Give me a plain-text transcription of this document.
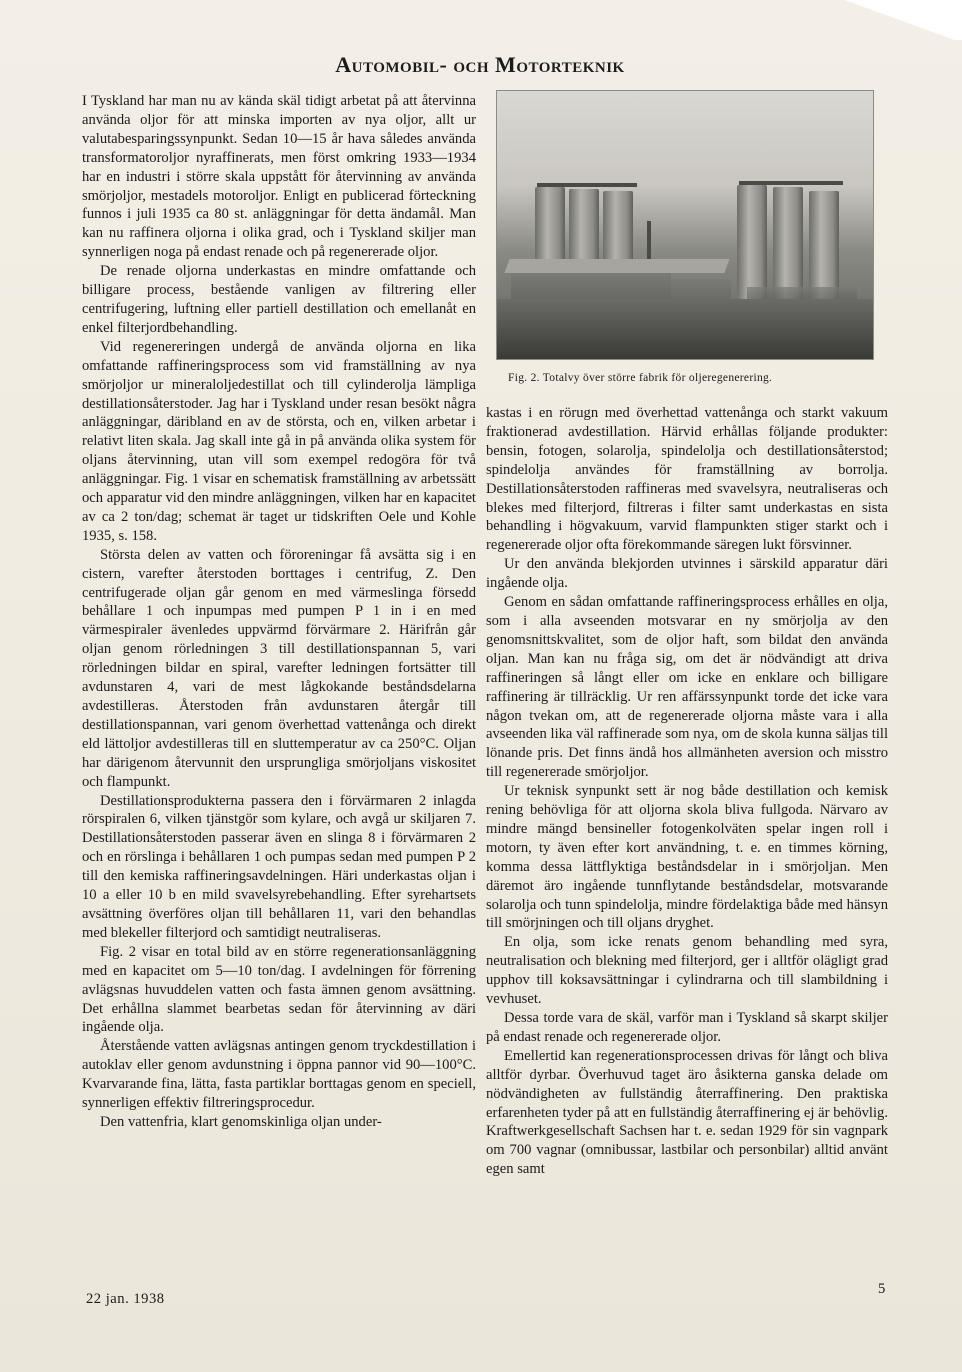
Automobil- och Motorteknik

I Tyskland har man nu av kända skäl tidigt arbetat på att återvinna använda oljor för att minska importen av nya oljor, allt ur valutabesparingssynpunkt. Sedan 10—15 år hava således använda transformatoroljor nyraffinerats, men först omkring 1933—1934 har en industri i större skala uppstått för återvinning av använda smörjoljor, mestadels motoroljor. Enligt en publicerad förteckning funnos i juli 1935 ca 80 st. anläggningar för detta ändamål. Man kan nu raffinera oljorna i olika grad, och i Tyskland skiljer man synnerligen noga på endast renade och på regenererade oljor.

De renade oljorna underkastas en mindre omfattande och billigare process, bestående vanligen av filtrering eller centrifugering, luftning eller partiell destillation och emellanåt en enkel filterjordbehandling.

Vid regenereringen undergå de använda oljorna en lika omfattande raffineringsprocess som vid framställning av nya smörjoljor ur mineraloljedestillat och till cylinderolja lämpliga destillationsåterstoder. Jag har i Tyskland under resan besökt några anläggningar, däribland en av de största, och en, vilken arbetar i relativt liten skala. Jag skall inte gå in på använda olika system för oljans återvinning, utan vill som exempel redogöra för två anläggningar. Fig. 1 visar en schematisk framställning av arbetssätt och apparatur vid den mindre anläggningen, vilken har en kapacitet av ca 2 ton/dag; schemat är taget ur tidskriften Oele und Kohle 1935, s. 158.

Största delen av vatten och föroreningar få avsätta sig i en cistern, varefter återstoden borttages i centrifug, Z. Den centrifugerade oljan går genom en med värmeslinga försedd behållare 1 och inpumpas med pumpen P 1 in i en med värmespiraler ävenledes uppvärmd förvärmare 2. Härifrån går oljan genom rörledningen 3 till destillationspannan 5, vari rörledningen bildar en spiral, varefter ledningen fortsätter till avdunstaren 4, vari de mest lågkokande beståndsdelarna avdestilleras. Återstoden från avdunstaren återgår till destillationspannan, vari genom överhettad vattenånga och direkt eld lättoljor avdestilleras till en sluttemperatur av ca 250°C. Oljan har därigenom återvunnit den ursprungliga smörjoljans viskositet och flampunkt.

Destillationsprodukterna passera den i förvärmaren 2 inlagda rörspiralen 6, vilken tjänstgör som kylare, och avgå ur skiljaren 7. Destillationsåterstoden passerar även en slinga 8 i förvärmaren 2 och en rörslinga i behållaren 1 och pumpas sedan med pumpen P 2 till den kemiska raffineringsavdelningen. Häri underkastas oljan i 10 a eller 10 b en mild svavelsyrebehandling. Efter syrehartsets avsättning överföres oljan till behållaren 11, vari den behandlas med blekeller filterjord och samtidigt neutraliseras.

Fig. 2 visar en total bild av en större regenerationsanläggning med en kapacitet om 5—10 ton/dag. I avdelningen för förrening avlägsnas huvuddelen vatten och fasta ämnen genom avsättning. Det erhållna slammet bearbetas sedan för återvinning av däri ingående olja.

Återstående vatten avlägsnas antingen genom tryckdestillation i autoklav eller genom avdunstning i öppna pannor vid 90—100°C. Kvarvarande fina, lätta, fasta partiklar borttagas genom en speciell, synnerligen effektiv filtreringsprocedur.

Den vattenfria, klart genomskinliga oljan under-

Fig. 2. Totalvy över större fabrik för oljeregenerering.

kastas i en rörugn med överhettad vattenånga och starkt vakuum fraktionerad avdestillation. Härvid erhållas följande produkter: bensin, fotogen, solarolja, spindelolja och destillationsåterstod; spindelolja användes för framställning av borrolja. Destillationsåterstoden raffineras med svavelsyra, neutraliseras och blekes med filterjord, filtreras i filter samt underkastas en sista behandling i högvakuum, varvid flampunkten stiger starkt och i regenererade oljor ofta förekommande säregen lukt försvinner.

Ur den använda blekjorden utvinnes i särskild apparatur däri ingående olja.

Genom en sådan omfattande raffineringsprocess erhålles en olja, som i alla avseenden motsvarar en ny smörjolja av den genomsnittskvalitet, som de oljor haft, som bildat den använda oljan. Man kan nu fråga sig, om det är nödvändigt att driva raffineringen så långt eller om icke en enklare och billigare raffinering är tillräcklig. Ur ren affärssynpunkt torde det icke vara någon tvekan om, att de regenererade oljorna måste vara i alla avseenden lika väl raffinerade som nya, om de skola kunna säljas till lönande pris. Det finns ändå hos allmänheten aversion och misstro till regenererade smörjoljor.

Ur teknisk synpunkt sett är nog både destillation och kemisk rening behövliga för att oljorna skola bliva fullgoda. Närvaro av mindre mängd bensineller fotogenkolväten spelar ingen roll i motorn, ty även efter kort användning, t. e. en timmes körning, komma dessa lättflyktiga beståndsdelar in i smörjoljan. Men däremot äro ingående tunnflytande beståndsdelar, motsvarande solarolja och tunn spindelolja, mindre fördelaktiga både med hänsyn till smörjningen och till oljans dryghet.

En olja, som icke renats genom behandling med syra, neutralisation och blekning med filterjord, ger i alltför olägligt grad upphov till koksavsättningar i cylindrarna och till slambildning i vevhuset.

Dessa torde vara de skäl, varför man i Tyskland så skarpt skiljer på endast renade och regenererade oljor.

Emellertid kan regenerationsprocessen drivas för långt och bliva alltför dyrbar. Överhuvud taget äro åsikterna ganska delade om nödvändigheten av fullständig återraffinering. Den praktiska erfarenheten tyder på att en fullständig återraffinering ej är behövlig. Kraftwerkgesellschaft Sachsen har t. e. sedan 1929 för sin vagnpark om 700 vagnar (omnibussar, lastbilar och personbilar) alltid använt egen samt

22 jan. 1938
5
